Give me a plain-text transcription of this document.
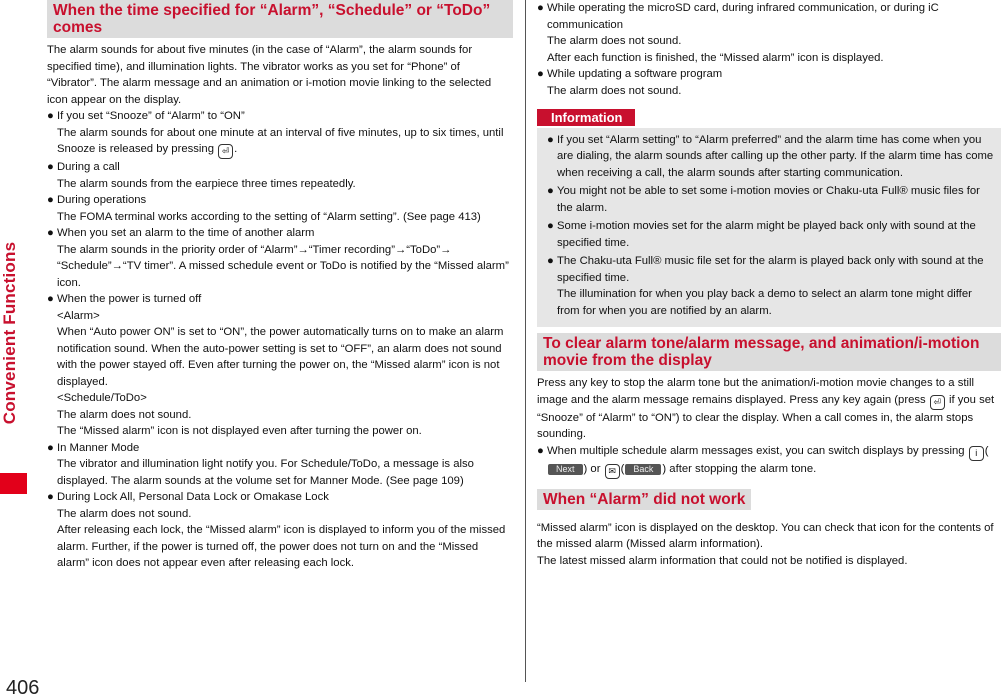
Convenient Functions
406
When the time specified for “Alarm”, “Schedule” or “ToDo” comes

The alarm sounds for about five minutes (in the case of “Alarm”, the alarm sounds for specified time), and illumination lights. The vibrator works as you set for “Phone” of “Vibrator”. The alarm message and an animation or i-motion movie linking to the selected icon appear on the display.

● If you set “Snooze” of “Alarm” to “ON”

The alarm sounds for about one minute at an interval of five minutes, up to six times, until Snooze is released by pressing ⏎ .

● During a call

The alarm sounds from the earpiece three times repeatedly.

● During operations

The FOMA terminal works according to the setting of “Alarm setting”. (See page 413)

● When you set an alarm to the time of another alarm

The alarm sounds in the priority order of “Alarm”→“Timer recording”→“ToDo”→ “Schedule”→“TV timer”. A missed schedule event or ToDo is notified by the “Missed alarm” icon.

● When the power is turned off

<Alarm>

When “Auto power ON” is set to “ON”, the power automatically turns on to make an alarm notification sound. When the auto-power setting is set to “OFF”, an alarm does not sound with the power stayed off. Even after turning the power on, the “Missed alarm” icon is not displayed.

<Schedule/ToDo>

The alarm does not sound.

The “Missed alarm” icon is not displayed even after turning the power on.

● In Manner Mode

The vibrator and illumination light notify you. For Schedule/ToDo, a message is also displayed. The alarm sounds at the volume set for Manner Mode. (See page 109)

● During Lock All, Personal Data Lock or Omakase Lock

The alarm does not sound.

After releasing each lock, the “Missed alarm” icon is displayed to inform you of the missed alarm. Further, if the power is turned off, the power does not turn on and the “Missed alarm” icon does not appear even after releasing each lock.

● While operating the microSD card, during infrared communication, or during iC communication

The alarm does not sound.

After each function is finished, the “Missed alarm” icon is displayed.

● While updating a software program

The alarm does not sound.

Information
● If you set “Alarm setting” to “Alarm preferred” and the alarm time has come when you are dialing, the alarm sounds after calling up the other party. If the alarm time has come when receiving a call, the alarm sounds after starting communication.

● You might not be able to set some i-motion movies or Chaku-uta Full® music files for the alarm.

● Some i-motion movies set for the alarm might be played back only with sound at the specified time.

● The Chaku-uta Full® music file set for the alarm is played back only with sound at the specified time.
The illumination for when you play back a demo to select an alarm tone might differ from for when you are notified by an alarm.

To clear alarm tone/alarm message, and animation/i-motion movie from the display

Press any key to stop the alarm tone but the animation/i-motion movie changes to a still image and the alarm message remains displayed. Press any key again (press ⏎ if you set “Snooze” of “Alarm” to “ON”) to clear the display. When a call comes in, the alarm stops sounding.

● When multiple schedule alarm messages exist, you can switch displays by pressing i (Next ) or ✉ ( Back ) after stopping the alarm tone.

When “Alarm” did not work

“Missed alarm” icon is displayed on the desktop. You can check that icon for the contents of the missed alarm (Missed alarm information).
The latest missed alarm information that could not be notified is displayed.
